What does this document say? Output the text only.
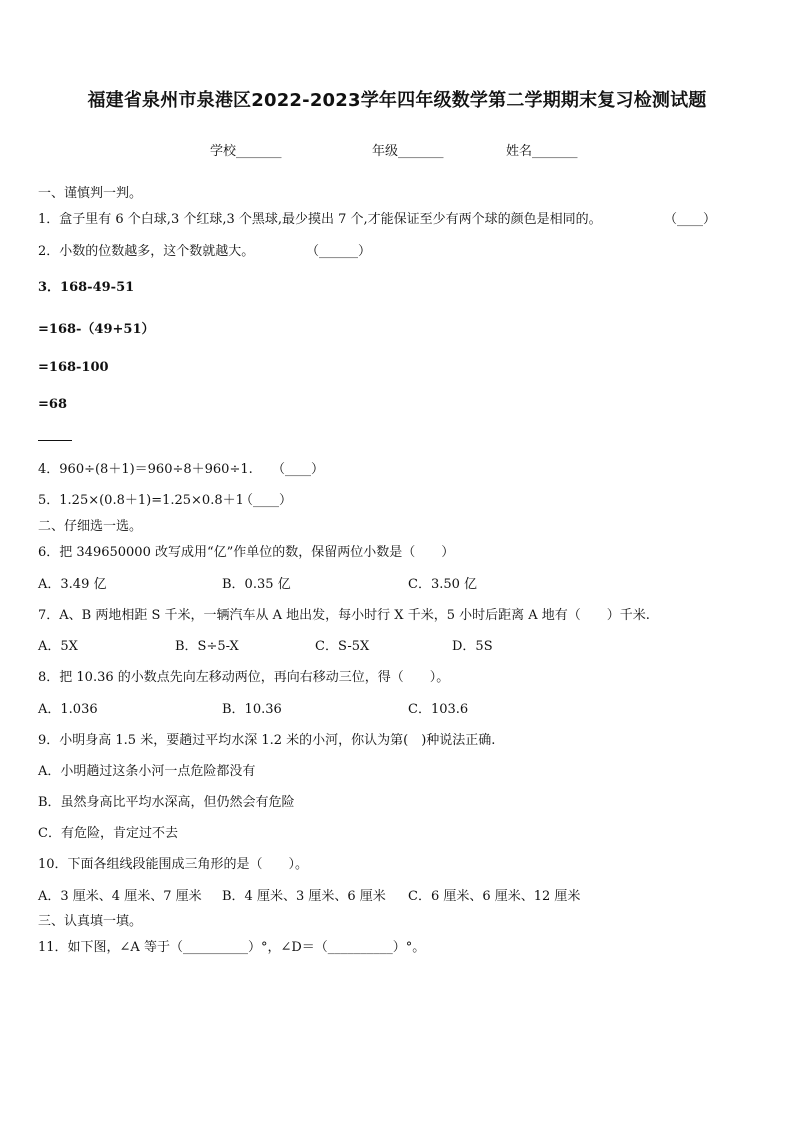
福建省泉州市泉港区2022-2023学年四年级数学第二学期期末复习检测试题
学校_______	年级_______	姓名_______
一、谨慎判一判。
1．盒子里有 6 个白球,3 个红球,3 个黑球,最少摸出 7 个,才能保证至少有两个球的颜色是相同的。	（____）
2．小数的位数越多，这个数就越大。	（______）
3．168-49-51
=168-（49+51）
=168-100
=68
4．960÷(8＋1)＝960÷8＋960÷1. （____）
5．1.25×(0.8＋1)=1.25×0.8＋1
（____）
二、仔细选一选。
6．把 349650000 改写成用“亿”作单位的数，保留两位小数是（　　）
A．3.49 亿	B．0.35 亿	C．3.50 亿
7．A、B 两地相距 S 千米，一辆汽车从 A 地出发，每小时行 X 千米，5 小时后距离 A 地有（　　）千米.
A．5X	B．S÷5-X	C．S-5X	D．5S
8．把 10.36 的小数点先向左移动两位，再向右移动三位，得（　　）。
A．1.036	B．10.36	C．103.6
9．小明身高 1.5 米，要趟过平均水深 1.2 米的小河，你认为第(　)种说法正确.
A．小明趟过这条小河一点危险都没有
B．虽然身高比平均水深高，但仍然会有危险
C．有危险，肯定过不去
10．下面各组线段能围成三角形的是（　　）。
A．3 厘米、4 厘米、7 厘米 B．4 厘米、3 厘米、6 厘米 C．6 厘米、6 厘米、12 厘米
三、认真填一填。
11．如下图，∠A 等于（__________）°，∠D＝（__________）°。
